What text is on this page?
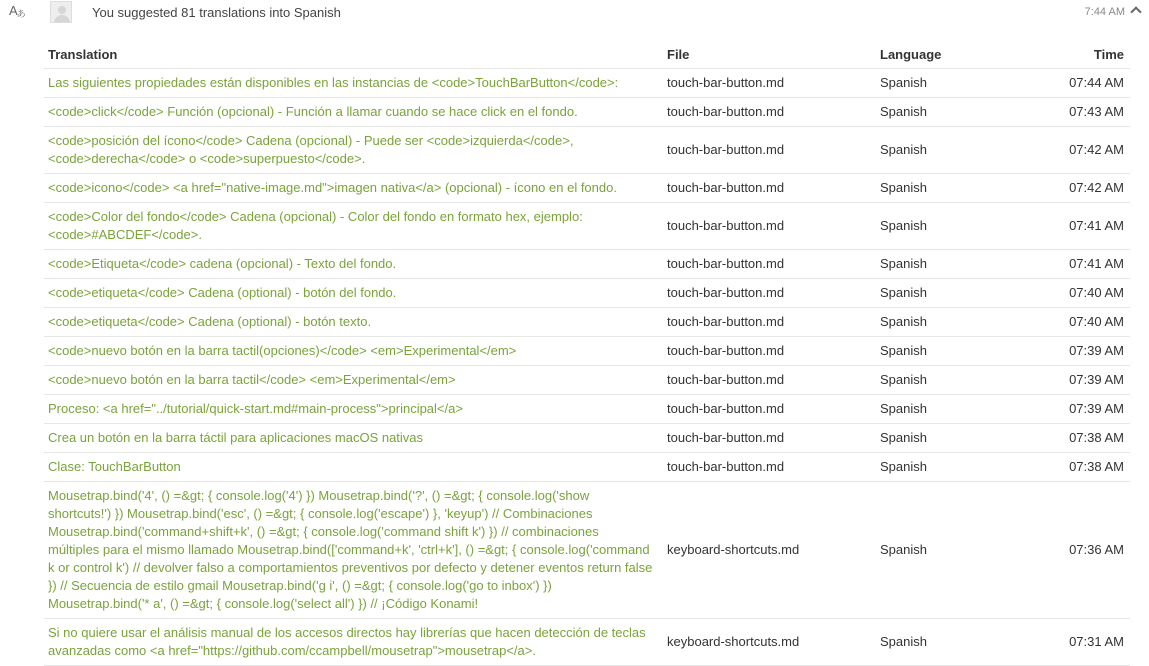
Aあ	You suggested 81 translations into Spanish	7:44 AM
Translation	File	Language	Time
Las siguientes propiedades están disponibles en las instancias de <code>TouchBarButton</code>:	touch-bar-button.md	Spanish	07:44 AM
<code>click</code> Función (opcional) - Función a llamar cuando se hace click en el fondo.	touch-bar-button.md	Spanish	07:43 AM
<code>posición del ícono</code> Cadena (opcional) - Puede ser <code>izquierda</code>, <code>derecha</code> o <code>superpuesto</code>.	touch-bar-button.md	Spanish	07:42 AM
<code>icono</code> <a href="native-image.md">imagen nativa</a> (opcional) - ícono en el fondo.	touch-bar-button.md	Spanish	07:42 AM
<code>Color del fondo</code> Cadena (opcional) - Color del fondo en formato hex, ejemplo: <code>#ABCDEF</code>.	touch-bar-button.md	Spanish	07:41 AM
<code>Etiqueta</code> cadena (opcional) - Texto del fondo.	touch-bar-button.md	Spanish	07:41 AM
<code>etiqueta</code> Cadena (optional) - botón del fondo.	touch-bar-button.md	Spanish	07:40 AM
<code>etiqueta</code> Cadena (optional) - botón texto.	touch-bar-button.md	Spanish	07:40 AM
<code>nuevo botón en la barra tactil(opciones)</code> <em>Experimental</em>	touch-bar-button.md	Spanish	07:39 AM
<code>nuevo botón en la barra tactil</code> <em>Experimental</em>	touch-bar-button.md	Spanish	07:39 AM
Proceso: <a href="../tutorial/quick-start.md#main-process">principal</a>	touch-bar-button.md	Spanish	07:39 AM
Crea un botón en la barra táctil para aplicaciones macOS nativas	touch-bar-button.md	Spanish	07:38 AM
Clase: TouchBarButton	touch-bar-button.md	Spanish	07:38 AM
Mousetrap.bind('4', () =&gt; { console.log('4') }) Mousetrap.bind('?', () =&gt; { console.log('show shortcuts!') }) Mousetrap.bind('esc', () =&gt; { console.log('escape') }, 'keyup') // Combinaciones Mousetrap.bind('command+shift+k', () =&gt; { console.log('command shift k') }) // combinaciones múltiples para el mismo llamado Mousetrap.bind(['command+k', 'ctrl+k'], () =&gt; { console.log('command k or control k') // devolver falso a comportamientos preventivos por defecto y detener eventos return false }) // Secuencia de estilo gmail Mousetrap.bind('g i', () =&gt; { console.log('go to inbox') }) Mousetrap.bind('* a', () =&gt; { console.log('select all') }) // ¡Código Konami!	keyboard-shortcuts.md	Spanish	07:36 AM
Si no quiere usar el análisis manual de los accesos directos hay librerías que hacen detección de teclas avanzadas como <a href="https://github.com/ccampbell/mousetrap">mousetrap</a>.	keyboard-shortcuts.md	Spanish	07:31 AM
